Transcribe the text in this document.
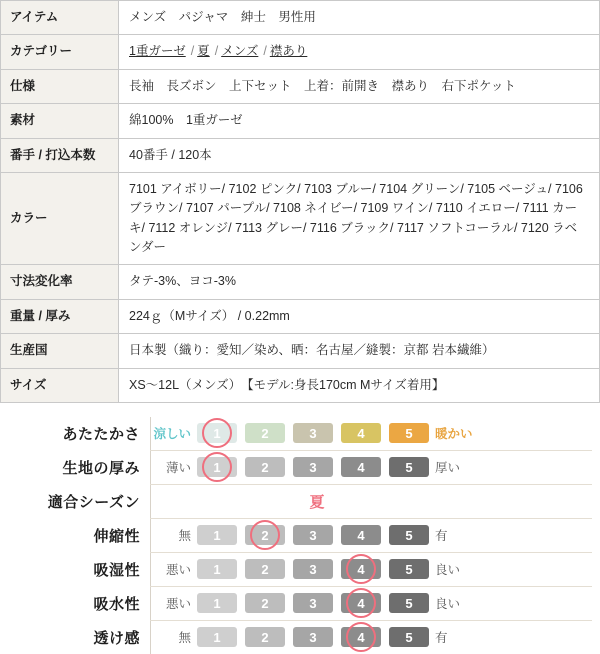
アイテム	メンズ　パジャマ　紳士　男性用
カテゴリー	1重ガーゼ / 夏 / メンズ / 襟あり
仕様	長袖　長ズボン　上下セット　上着：前開き　襟あり　右下ポケット
素材	綿100%　1重ガーゼ
番手 / 打込本数	40番手 / 120本
カラー	7101 アイボリー/ 7102 ピンク/ 7103 ブルー/ 7104 グリーン/ 7105 ベージュ/ 7106 ブラウン/ 7107 パープル/ 7108 ネイビー/ 7109 ワイン/ 7110 イエロー/ 7111 カーキ/ 7112 オレンジ/ 7113 グレー/ 7116 ブラック/ 7117 ソフトコーラル/ 7120 ラベンダー
寸法変化率	タテ-3%、ヨコ-3%
重量 / 厚み	224ｇ（Mサイズ） / 0.22mm
生産国	日本製（織り：愛知／染め、晒：名古屋／縫製：京都 岩本繊維）
サイズ	XS〜12L（メンズ）　【モデル:身長170cm Mサイズ着用】
あたたかさ	涼しい	1	2	3	4	5	暖かい
生地の厚み	薄い	1	2	3	4	5	厚い
適合シーズン	夏
伸縮性	無	1	2	3	4	5	有
吸湿性	悪い	1	2	3	4	5	良い
吸水性	悪い	1	2	3	4	5	良い
透け感	無	1	2	3	4	5	有
